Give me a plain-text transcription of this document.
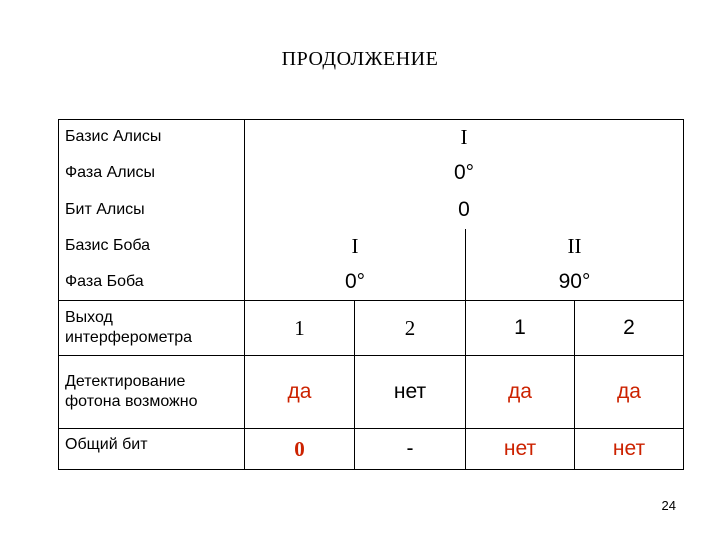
ПРОДОЛЖЕНИЕ
Базис Алисы	I			
Фаза Алисы	0°			
Бит Алисы	0			
Базис Боба	I		II	
Фаза Боба	0°		90°	
Выход интерферометра	1	2	1	2
Детектирование фотона возможно	да	нет	да	да
Общий бит	0	-	нет	нет
24
